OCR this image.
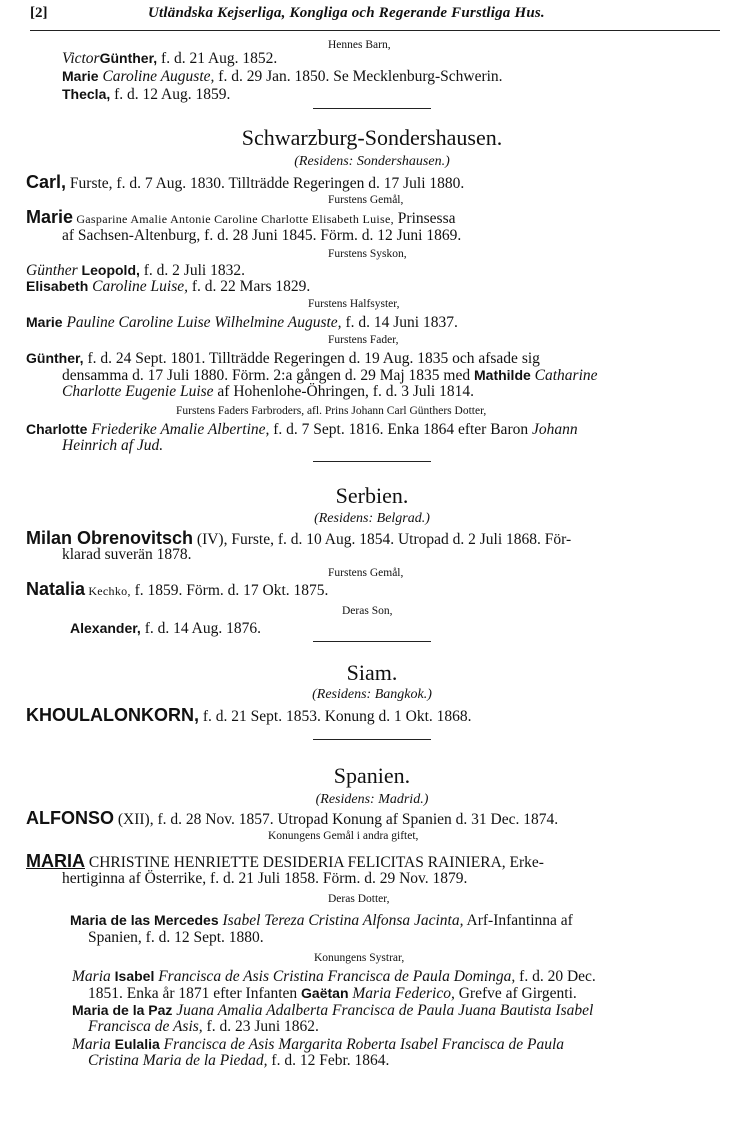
[2]	Utländska Kejserliga, Kongliga och Regerande Furstliga Hus.
Hennes Barn,
VictorGünther, f. d. 21 Aug. 1852.
Marie Caroline Auguste, f. d. 29 Jan. 1850. Se Mecklenburg-Schwerin.
Thecla, f. d. 12 Aug. 1859.
Schwarzburg-Sondershausen.
(Residens: Sondershausen.)
Carl, Furste, f. d. 7 Aug. 1830. Tillträdde Regeringen d. 17 Juli 1880.
Furstens Gemål,
Marie Gasparine Amalie Antonie Caroline Charlotte Elisabeth Luise, Prinsessa
af Sachsen-Altenburg, f. d. 28 Juni 1845. Förm. d. 12 Juni 1869.
Furstens Syskon,
Günther Leopold, f. d. 2 Juli 1832.
Elisabeth Caroline Luise, f. d. 22 Mars 1829.
Furstens Halfsyster,
Marie Pauline Caroline Luise Wilhelmine Auguste, f. d. 14 Juni 1837.
Furstens Fader,
Günther, f. d. 24 Sept. 1801. Tillträdde Regeringen d. 19 Aug. 1835 och afsade sig
densamma d. 17 Juli 1880. Förm. 2:a gången d. 29 Maj 1835 med Mathilde Catharine
Charlotte Eugenie Luise af Hohenlohe-Öhringen, f. d. 3 Juli 1814.
Furstens Faders Farbroders, afl. Prins Johann Carl Günthers Dotter,
Charlotte Friederike Amalie Albertine, f. d. 7 Sept. 1816. Enka 1864 efter Baron Johann
Heinrich af Jud.
Serbien.
(Residens: Belgrad.)
Milan Obrenovitsch (IV), Furste, f. d. 10 Aug. 1854. Utropad d. 2 Juli 1868. För-
klarad suverän 1878.
Furstens Gemål,
Natalia Kechko, f. 1859. Förm. d. 17 Okt. 1875.
Deras Son,
Alexander, f. d. 14 Aug. 1876.
Siam.
(Residens: Bangkok.)
KHOULALONKORN, f. d. 21 Sept. 1853. Konung d. 1 Okt. 1868.
Spanien.
(Residens: Madrid.)
ALFONSO (XII), f. d. 28 Nov. 1857. Utropad Konung af Spanien d. 31 Dec. 1874.
Konungens Gemål i andra giftet,
MARIA CHRISTINE HENRIETTE DESIDERIA FELICITAS RAINIERA, Erke-
hertiginna af Österrike, f. d. 21 Juli 1858. Förm. d. 29 Nov. 1879.
Deras Dotter,
Maria de las Mercedes Isabel Tereza Cristina Alfonsa Jacinta, Arf-Infantinna af
Spanien, f. d. 12 Sept. 1880.
Konungens Systrar,
Maria Isabel Francisca de Asis Cristina Francisca de Paula Dominga, f. d. 20 Dec.
1851. Enka år 1871 efter Infanten Gaëtan Maria Federico, Grefve af Girgenti.
Maria de la Paz Juana Amalia Adalberta Francisca de Paula Juana Bautista Isabel
Francisca de Asis, f. d. 23 Juni 1862.
Maria Eulalia Francisca de Asis Margarita Roberta Isabel Francisca de Paula
Cristina Maria de la Piedad, f. d. 12 Febr. 1864.
